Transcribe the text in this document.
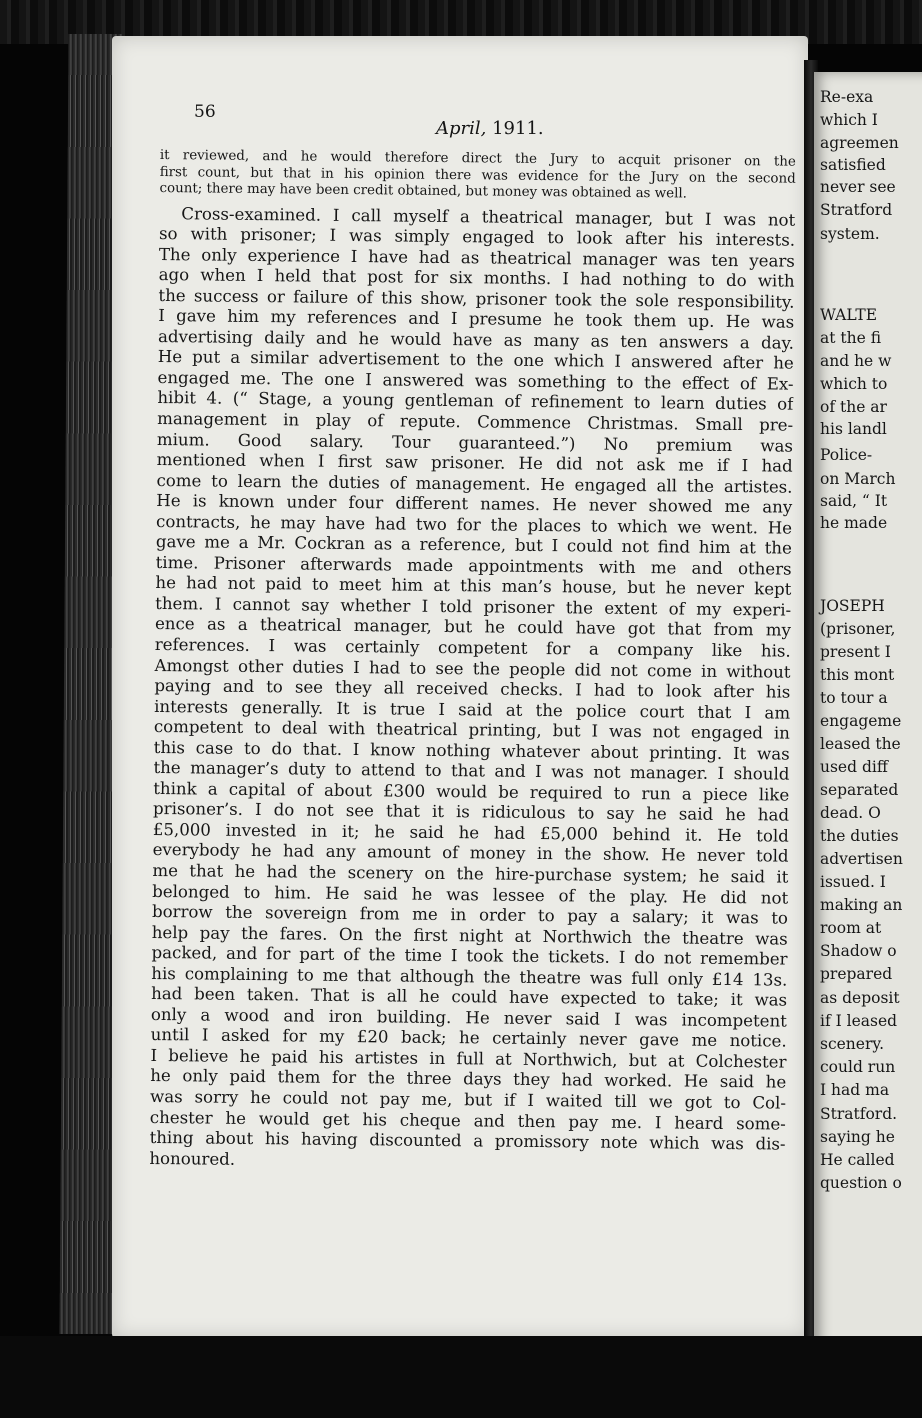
56
April, 1911.
it reviewed, and he would therefore direct the Jury to acquit prisoner on the
first count, but that in his opinion there was evidence for the Jury on the second
count; there may have been credit obtained, but money was obtained as well.
Cross-examined. I call myself a theatrical manager, but I was not
so with prisoner; I was simply engaged to look after his interests.
The only experience I have had as theatrical manager was ten years
ago when I held that post for six months. I had nothing to do with
the success or failure of this show, prisoner took the sole responsibility.
I gave him my references and I presume he took them up. He was
advertising daily and he would have as many as ten answers a day.
He put a similar advertisement to the one which I answered after he
engaged me. The one I answered was something to the effect of Ex-
hibit 4. (“ Stage, a young gentleman of refinement to learn duties of
management in play of repute. Commence Christmas. Small pre-
mium. Good salary. Tour guaranteed.”) No premium was
mentioned when I first saw prisoner. He did not ask me if I had
come to learn the duties of management. He engaged all the artistes.
He is known under four different names. He never showed me any
contracts, he may have had two for the places to which we went. He
gave me a Mr. Cockran as a reference, but I could not find him at the
time. Prisoner afterwards made appointments with me and others
he had not paid to meet him at this man’s house, but he never kept
them. I cannot say whether I told prisoner the extent of my experi-
ence as a theatrical manager, but he could have got that from my
references. I was certainly competent for a company like his.
Amongst other duties I had to see the people did not come in without
paying and to see they all received checks. I had to look after his
interests generally. It is true I said at the police court that I am
competent to deal with theatrical printing, but I was not engaged in
this case to do that. I know nothing whatever about printing. It was
the manager’s duty to attend to that and I was not manager. I should
think a capital of about £300 would be required to run a piece like
prisoner’s. I do not see that it is ridiculous to say he said he had
£5,000 invested in it; he said he had £5,000 behind it. He told
everybody he had any amount of money in the show. He never told
me that he had the scenery on the hire-purchase system; he said it
belonged to him. He said he was lessee of the play. He did not
borrow the sovereign from me in order to pay a salary; it was to
help pay the fares. On the first night at Northwich the theatre was
packed, and for part of the time I took the tickets. I do not remember
his complaining to me that although the theatre was full only £14 13s.
had been taken. That is all he could have expected to take; it was
only a wood and iron building. He never said I was incompetent
until I asked for my £20 back; he certainly never gave me notice.
I believe he paid his artistes in full at Northwich, but at Colchester
he only paid them for the three days they had worked. He said he
was sorry he could not pay me, but if I waited till we got to Col-
chester he would get his cheque and then pay me. I heard some-
thing about his having discounted a promissory note which was dis-
honoured.
Re-exa
which I
agreemen
satisfied
never see
Stratford
system.
WALTE
at the fi
and he w
which to
of the ar
his landl
Police-
on March
said, “ It
he made
JOSEPH
(prisoner,
present I
this mont
to tour a
engageme
leased the
used diff
separated
dead. O
the duties
advertisen
issued. I
making an
room at
Shadow o
prepared
as deposit
if I leased
scenery.
could run
I had ma
Stratford.
saying he
He called
question o
